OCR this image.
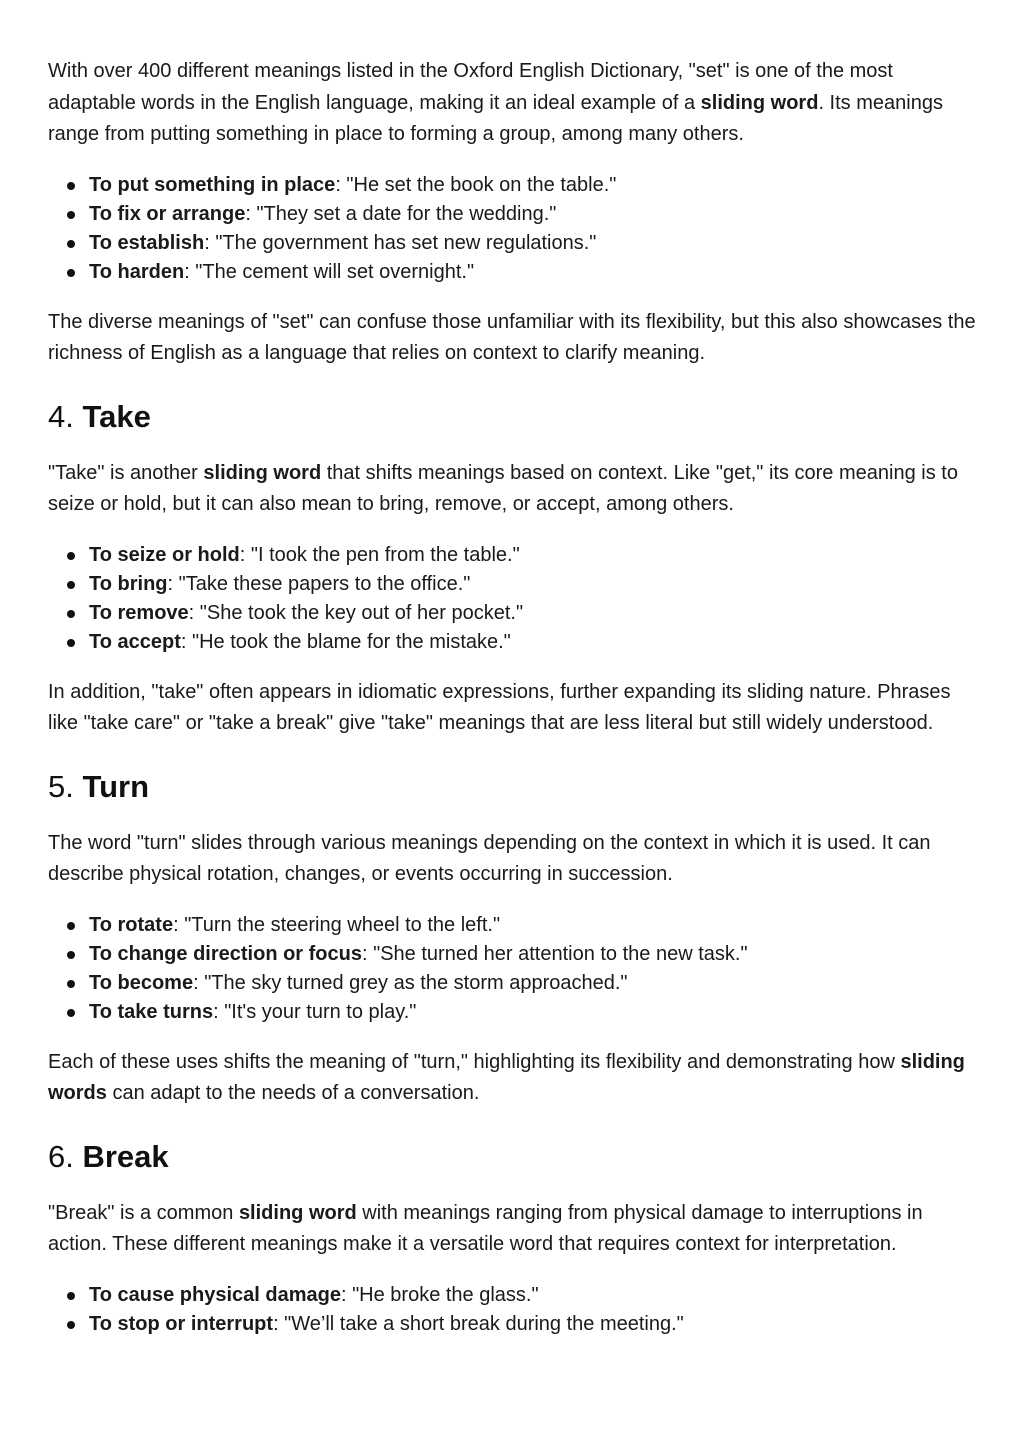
With over 400 different meanings listed in the Oxford English Dictionary, "set" is one of the most adaptable words in the English language, making it an ideal example of a sliding word. Its meanings range from putting something in place to forming a group, among many others.

To put something in place: "He set the book on the table."
To fix or arrange: "They set a date for the wedding."
To establish: "The government has set new regulations."
To harden: "The cement will set overnight."

The diverse meanings of "set" can confuse those unfamiliar with its flexibility, but this also showcases the richness of English as a language that relies on context to clarify meaning.

4. Take

"Take" is another sliding word that shifts meanings based on context. Like "get," its core meaning is to seize or hold, but it can also mean to bring, remove, or accept, among others.

To seize or hold: "I took the pen from the table."
To bring: "Take these papers to the office."
To remove: "She took the key out of her pocket."
To accept: "He took the blame for the mistake."

In addition, "take" often appears in idiomatic expressions, further expanding its sliding nature. Phrases like "take care" or "take a break" give "take" meanings that are less literal but still widely understood.

5. Turn

The word "turn" slides through various meanings depending on the context in which it is used. It can describe physical rotation, changes, or events occurring in succession.

To rotate: "Turn the steering wheel to the left."
To change direction or focus: "She turned her attention to the new task."
To become: "The sky turned grey as the storm approached."
To take turns: "It's your turn to play."

Each of these uses shifts the meaning of "turn," highlighting its flexibility and demonstrating how sliding words can adapt to the needs of a conversation.

6. Break

"Break" is a common sliding word with meanings ranging from physical damage to interruptions in action. These different meanings make it a versatile word that requires context for interpretation.

To cause physical damage: "He broke the glass."
To stop or interrupt: "We’ll take a short break during the meeting."
